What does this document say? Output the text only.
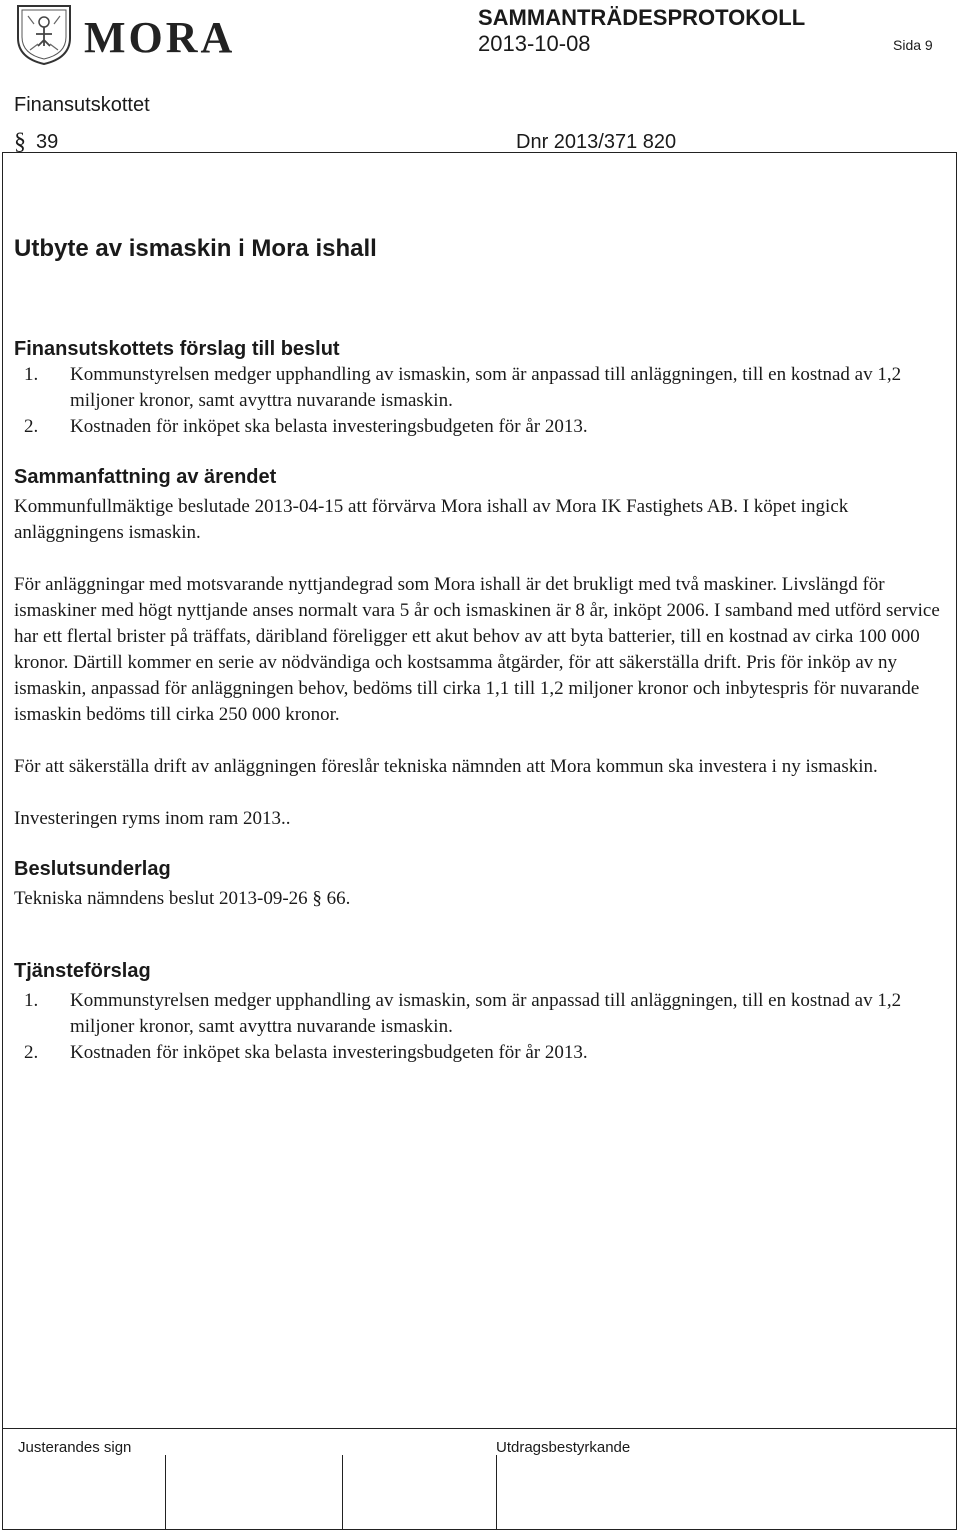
MORA	SAMMANTRÄDESPROTOKOLL
2013-10-08	Sida 9
Finansutskottet
§ 39	Dnr 2013/371 820
Utbyte av ismaskin i Mora ishall
Finansutskottets förslag till beslut
1.	Kommunstyrelsen medger upphandling av ismaskin, som är anpassad till anläggningen, till en kostnad av 1,2 miljoner kronor, samt avyttra nuvarande ismaskin.
2.	Kostnaden för inköpet ska belasta investeringsbudgeten för år 2013.
Sammanfattning av ärendet

Kommunfullmäktige beslutade 2013-04-15 att förvärva Mora ishall av Mora IK Fastighets AB. I köpet ingick anläggningens ismaskin.

För anläggningar med motsvarande nyttjandegrad som Mora ishall är det brukligt med två maskiner. Livslängd för ismaskiner med högt nyttjande anses normalt vara 5 år och ismaskinen är 8 år, inköpt 2006. I samband med utförd service har ett flertal brister på träffats, däribland föreligger ett akut behov av att byta batterier, till en kostnad av cirka 100 000 kronor. Därtill kommer en serie av nödvändiga och kostsamma åtgärder, för att säkerställa drift. Pris för inköp av ny ismaskin, anpassad för anläggningen behov, bedöms till cirka 1,1 till 1,2 miljoner kronor och inbytespris för nuvarande ismaskin bedöms till cirka 250 000 kronor.

För att säkerställa drift av anläggningen föreslår tekniska nämnden att Mora kommun ska investera i ny ismaskin.

Investeringen ryms inom ram 2013..

Beslutsunderlag

Tekniska nämndens beslut 2013-09-26 § 66.

Tjänsteförslag
1.	Kommunstyrelsen medger upphandling av ismaskin, som är anpassad till anläggningen, till en kostnad av 1,2 miljoner kronor, samt avyttra nuvarande ismaskin.
2.	Kostnaden för inköpet ska belasta investeringsbudgeten för år 2013.
Justerandes sign	Utdragsbestyrkande
